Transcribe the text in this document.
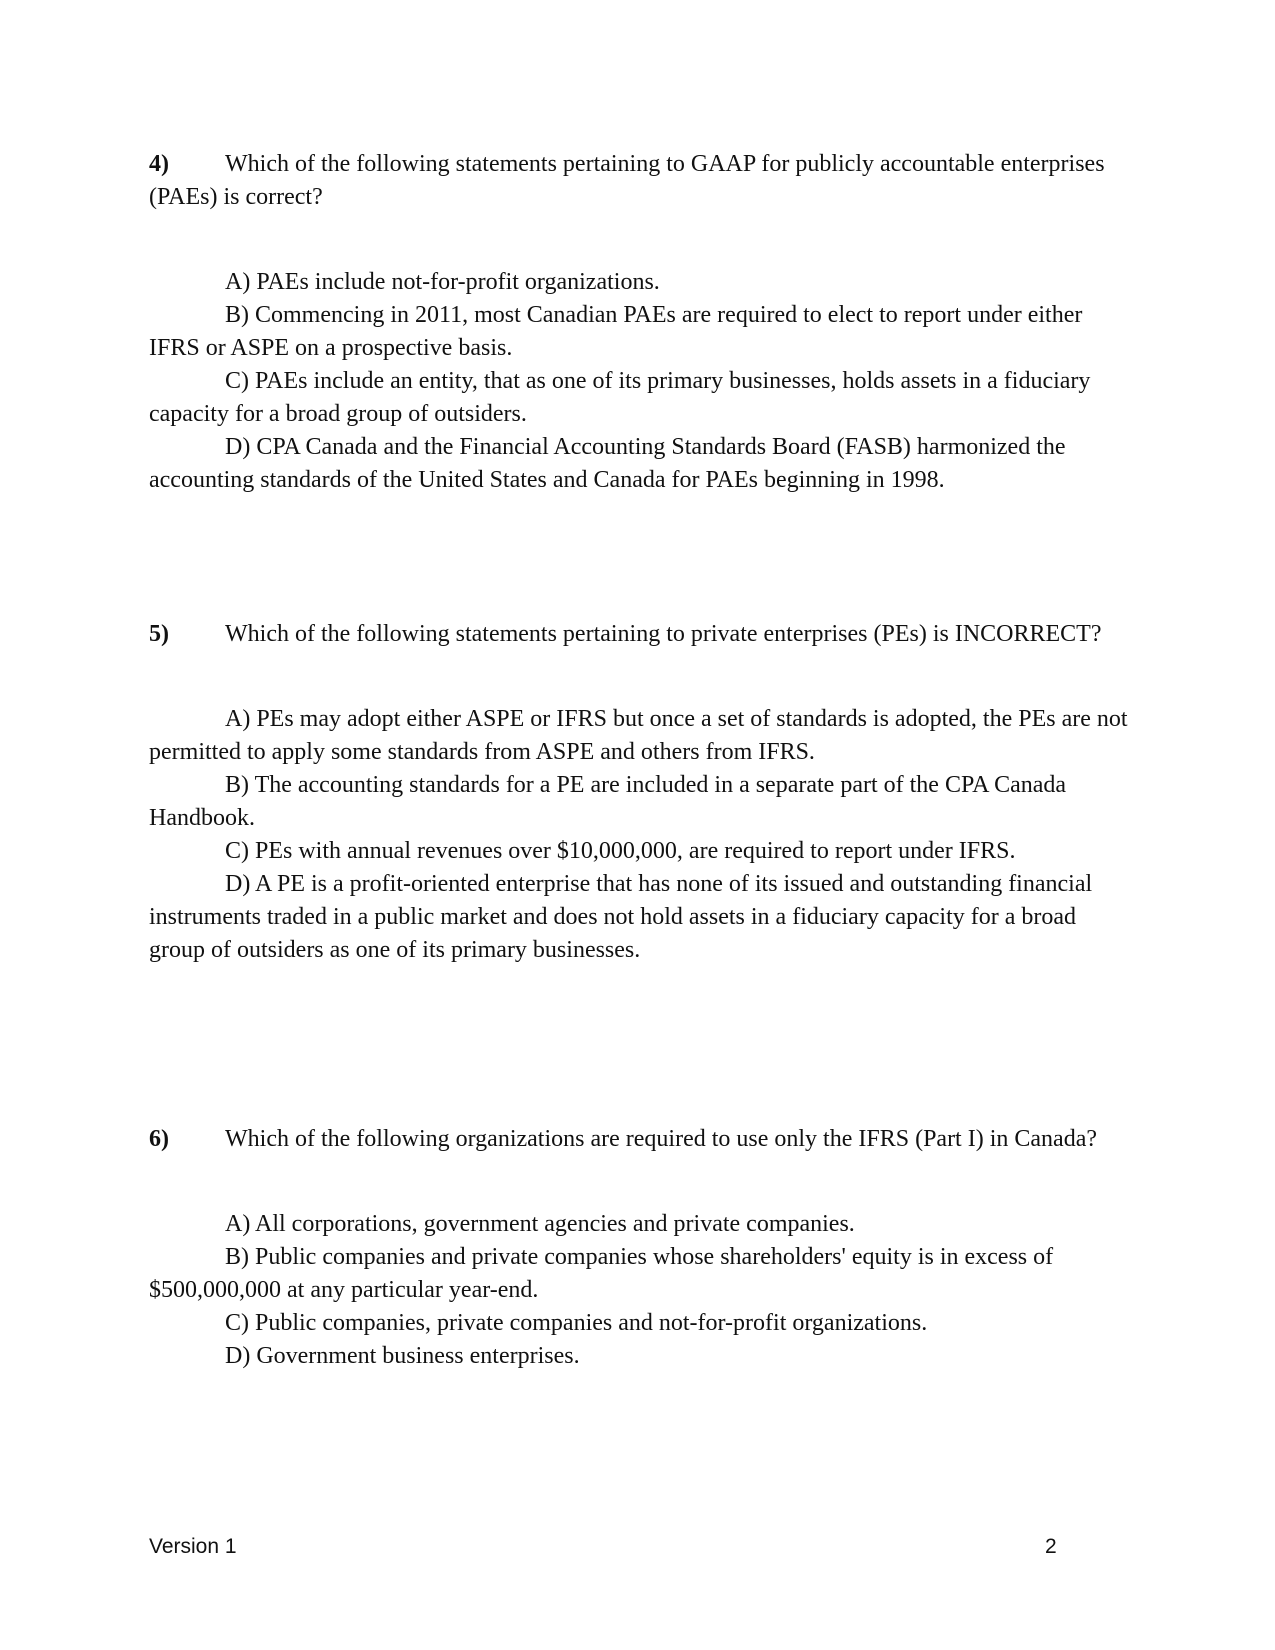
4) Which of the following statements pertaining to GAAP for publicly accountable enterprises (PAEs) is correct?

A) PAEs include not-for-profit organizations.

B) Commencing in 2011, most Canadian PAEs are required to elect to report under either IFRS or ASPE on a prospective basis.

C) PAEs include an entity, that as one of its primary businesses, holds assets in a fiduciary capacity for a broad group of outsiders.

D) CPA Canada and the Financial Accounting Standards Board (FASB) harmonized the accounting standards of the United States and Canada for PAEs beginning in 1998.

5) Which of the following statements pertaining to private enterprises (PEs) is INCORRECT?

A) PEs may adopt either ASPE or IFRS but once a set of standards is adopted, the PEs are not permitted to apply some standards from ASPE and others from IFRS.

B) The accounting standards for a PE are included in a separate part of the CPA Canada Handbook.

C) PEs with annual revenues over $10,000,000, are required to report under IFRS.

D) A PE is a profit-oriented enterprise that has none of its issued and outstanding financial instruments traded in a public market and does not hold assets in a fiduciary capacity for a broad group of outsiders as one of its primary businesses.

6) Which of the following organizations are required to use only the IFRS (Part I) in Canada?

A) All corporations, government agencies and private companies.

B) Public companies and private companies whose shareholders' equity is in excess of $500,000,000 at any particular year-end.

C) Public companies, private companies and not-for-profit organizations.

D) Government business enterprises.

Version 1	2
